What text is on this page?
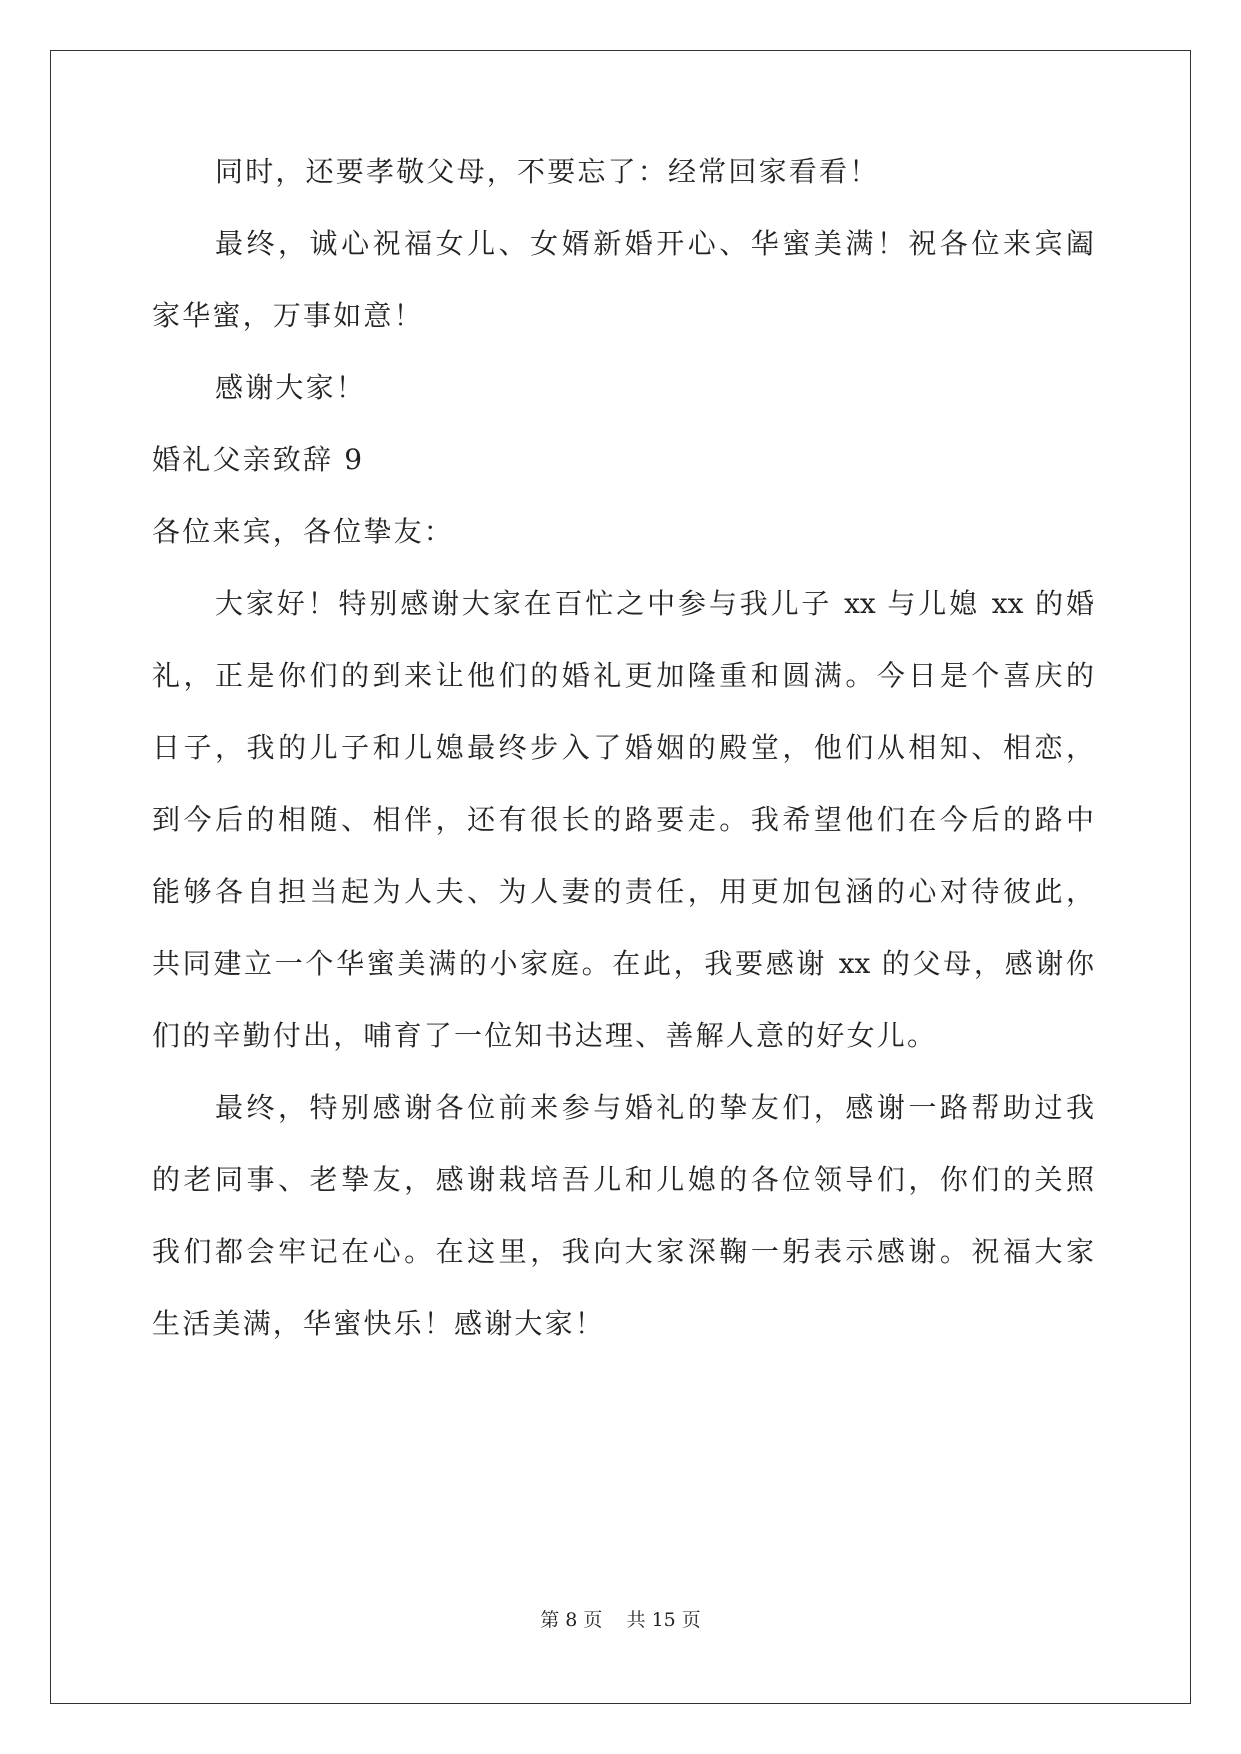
同时，还要孝敬父母，不要忘了：经常回家看看！
最终，诚心祝福女儿、女婿新婚开心、华蜜美满！祝各位来宾阖
家华蜜，万事如意！
感谢大家！
婚礼父亲致辞 9
各位来宾，各位挚友：
大家好！特别感谢大家在百忙之中参与我儿子 xx 与儿媳 xx 的婚
礼，正是你们的到来让他们的婚礼更加隆重和圆满。今日是个喜庆的
日子，我的儿子和儿媳最终步入了婚姻的殿堂，他们从相知、相恋，
到今后的相随、相伴，还有很长的路要走。我希望他们在今后的路中
能够各自担当起为人夫、为人妻的责任，用更加包涵的心对待彼此，
共同建立一个华蜜美满的小家庭。在此，我要感谢 xx 的父母，感谢你
们的辛勤付出，哺育了一位知书达理、善解人意的好女儿。
最终，特别感谢各位前来参与婚礼的挚友们，感谢一路帮助过我
的老同事、老挚友，感谢栽培吾儿和儿媳的各位领导们，你们的关照
我们都会牢记在心。在这里，我向大家深鞠一躬表示感谢。祝福大家
生活美满，华蜜快乐！感谢大家！
第 8 页 共 15 页
